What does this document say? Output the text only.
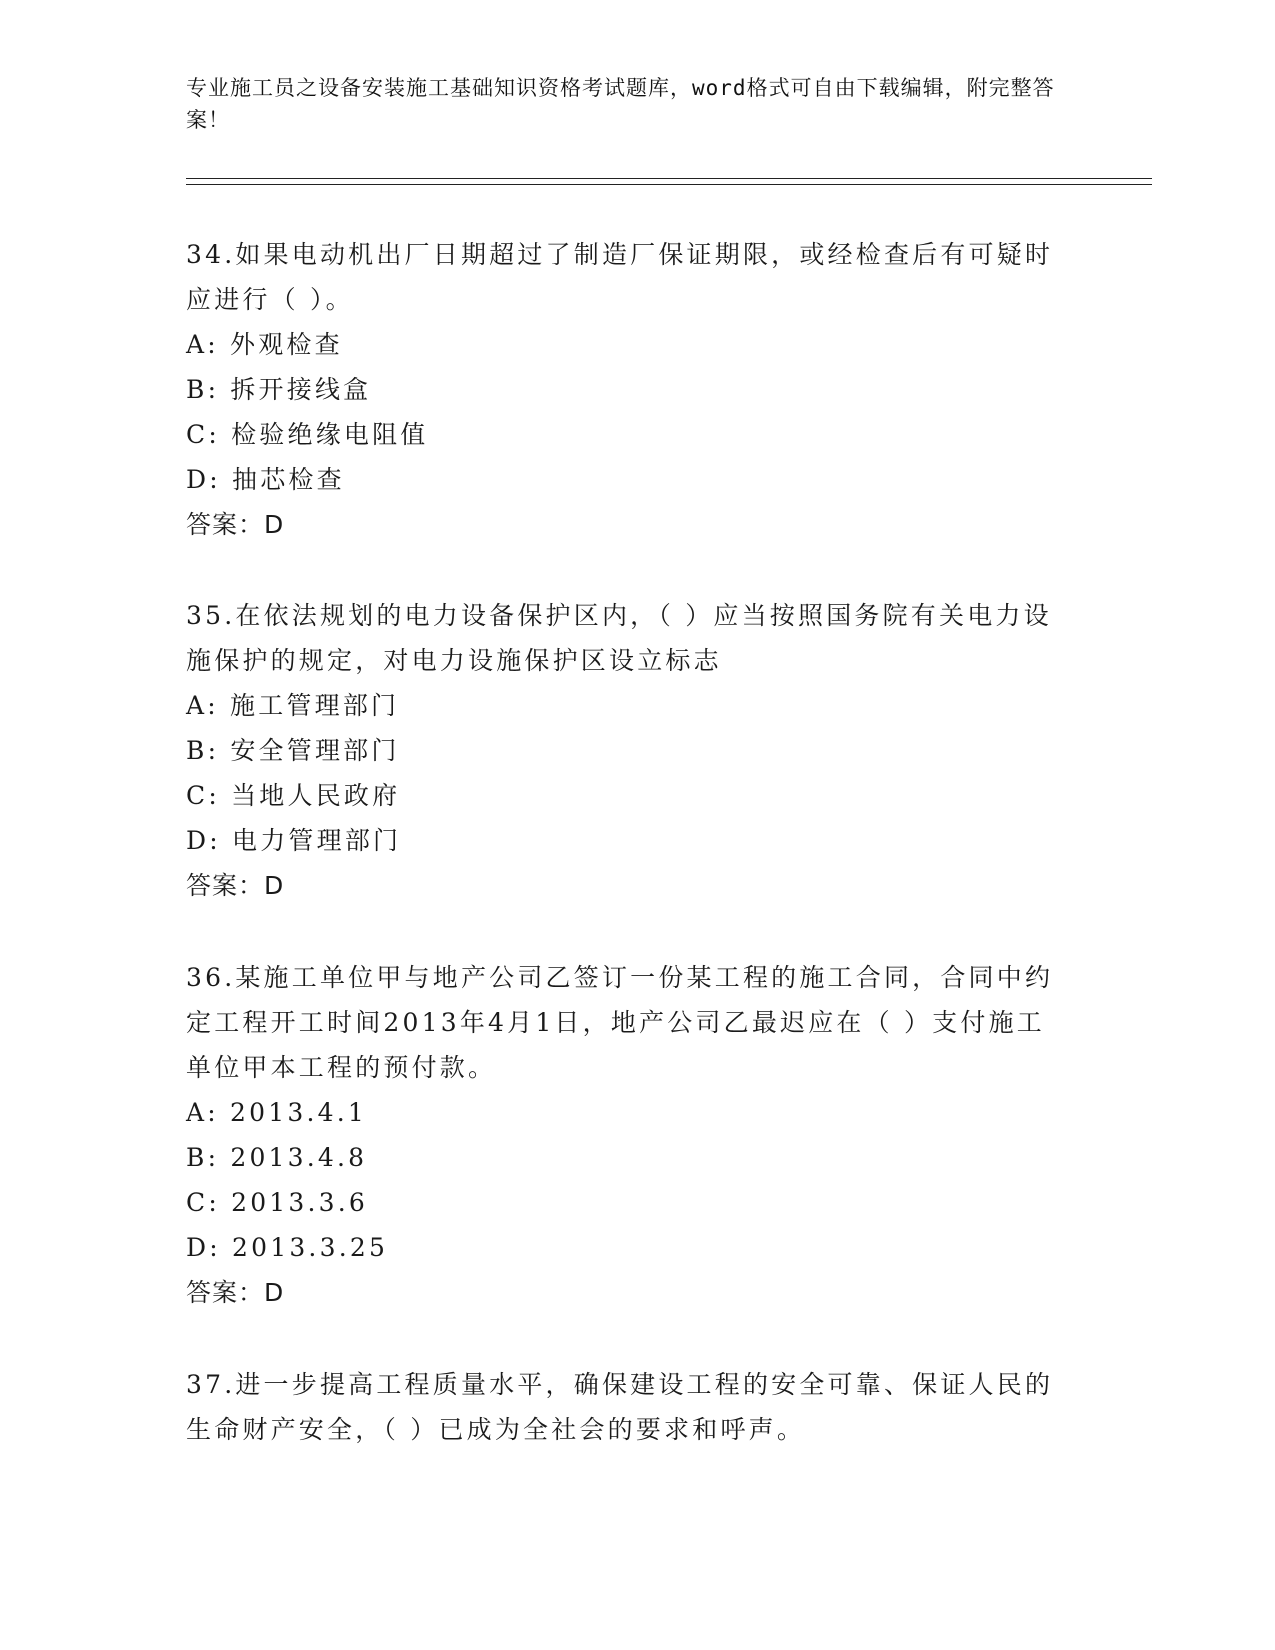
专业施工员之设备安装施工基础知识资格考试题库，word格式可自由下载编辑，附完整答案！

34.如果电动机出厂日期超过了制造厂保证期限，或经检查后有可疑时应进行（ ）。

A: 外观检查

B: 拆开接线盒

C: 检验绝缘电阻值

D: 抽芯检查

答案：D

35.在依法规划的电力设备保护区内，（ ）应当按照国务院有关电力设施保护的规定，对电力设施保护区设立标志

A: 施工管理部门

B: 安全管理部门

C: 当地人民政府

D: 电力管理部门

答案：D

36.某施工单位甲与地产公司乙签订一份某工程的施工合同，合同中约定工程开工时间2013年4月1日，地产公司乙最迟应在（ ）支付施工单位甲本工程的预付款。

A: 2013.4.1

B: 2013.4.8

C: 2013.3.6

D: 2013.3.25

答案：D

37.进一步提高工程质量水平，确保建设工程的安全可靠、保证人民的生命财产安全，（ ）已成为全社会的要求和呼声。
